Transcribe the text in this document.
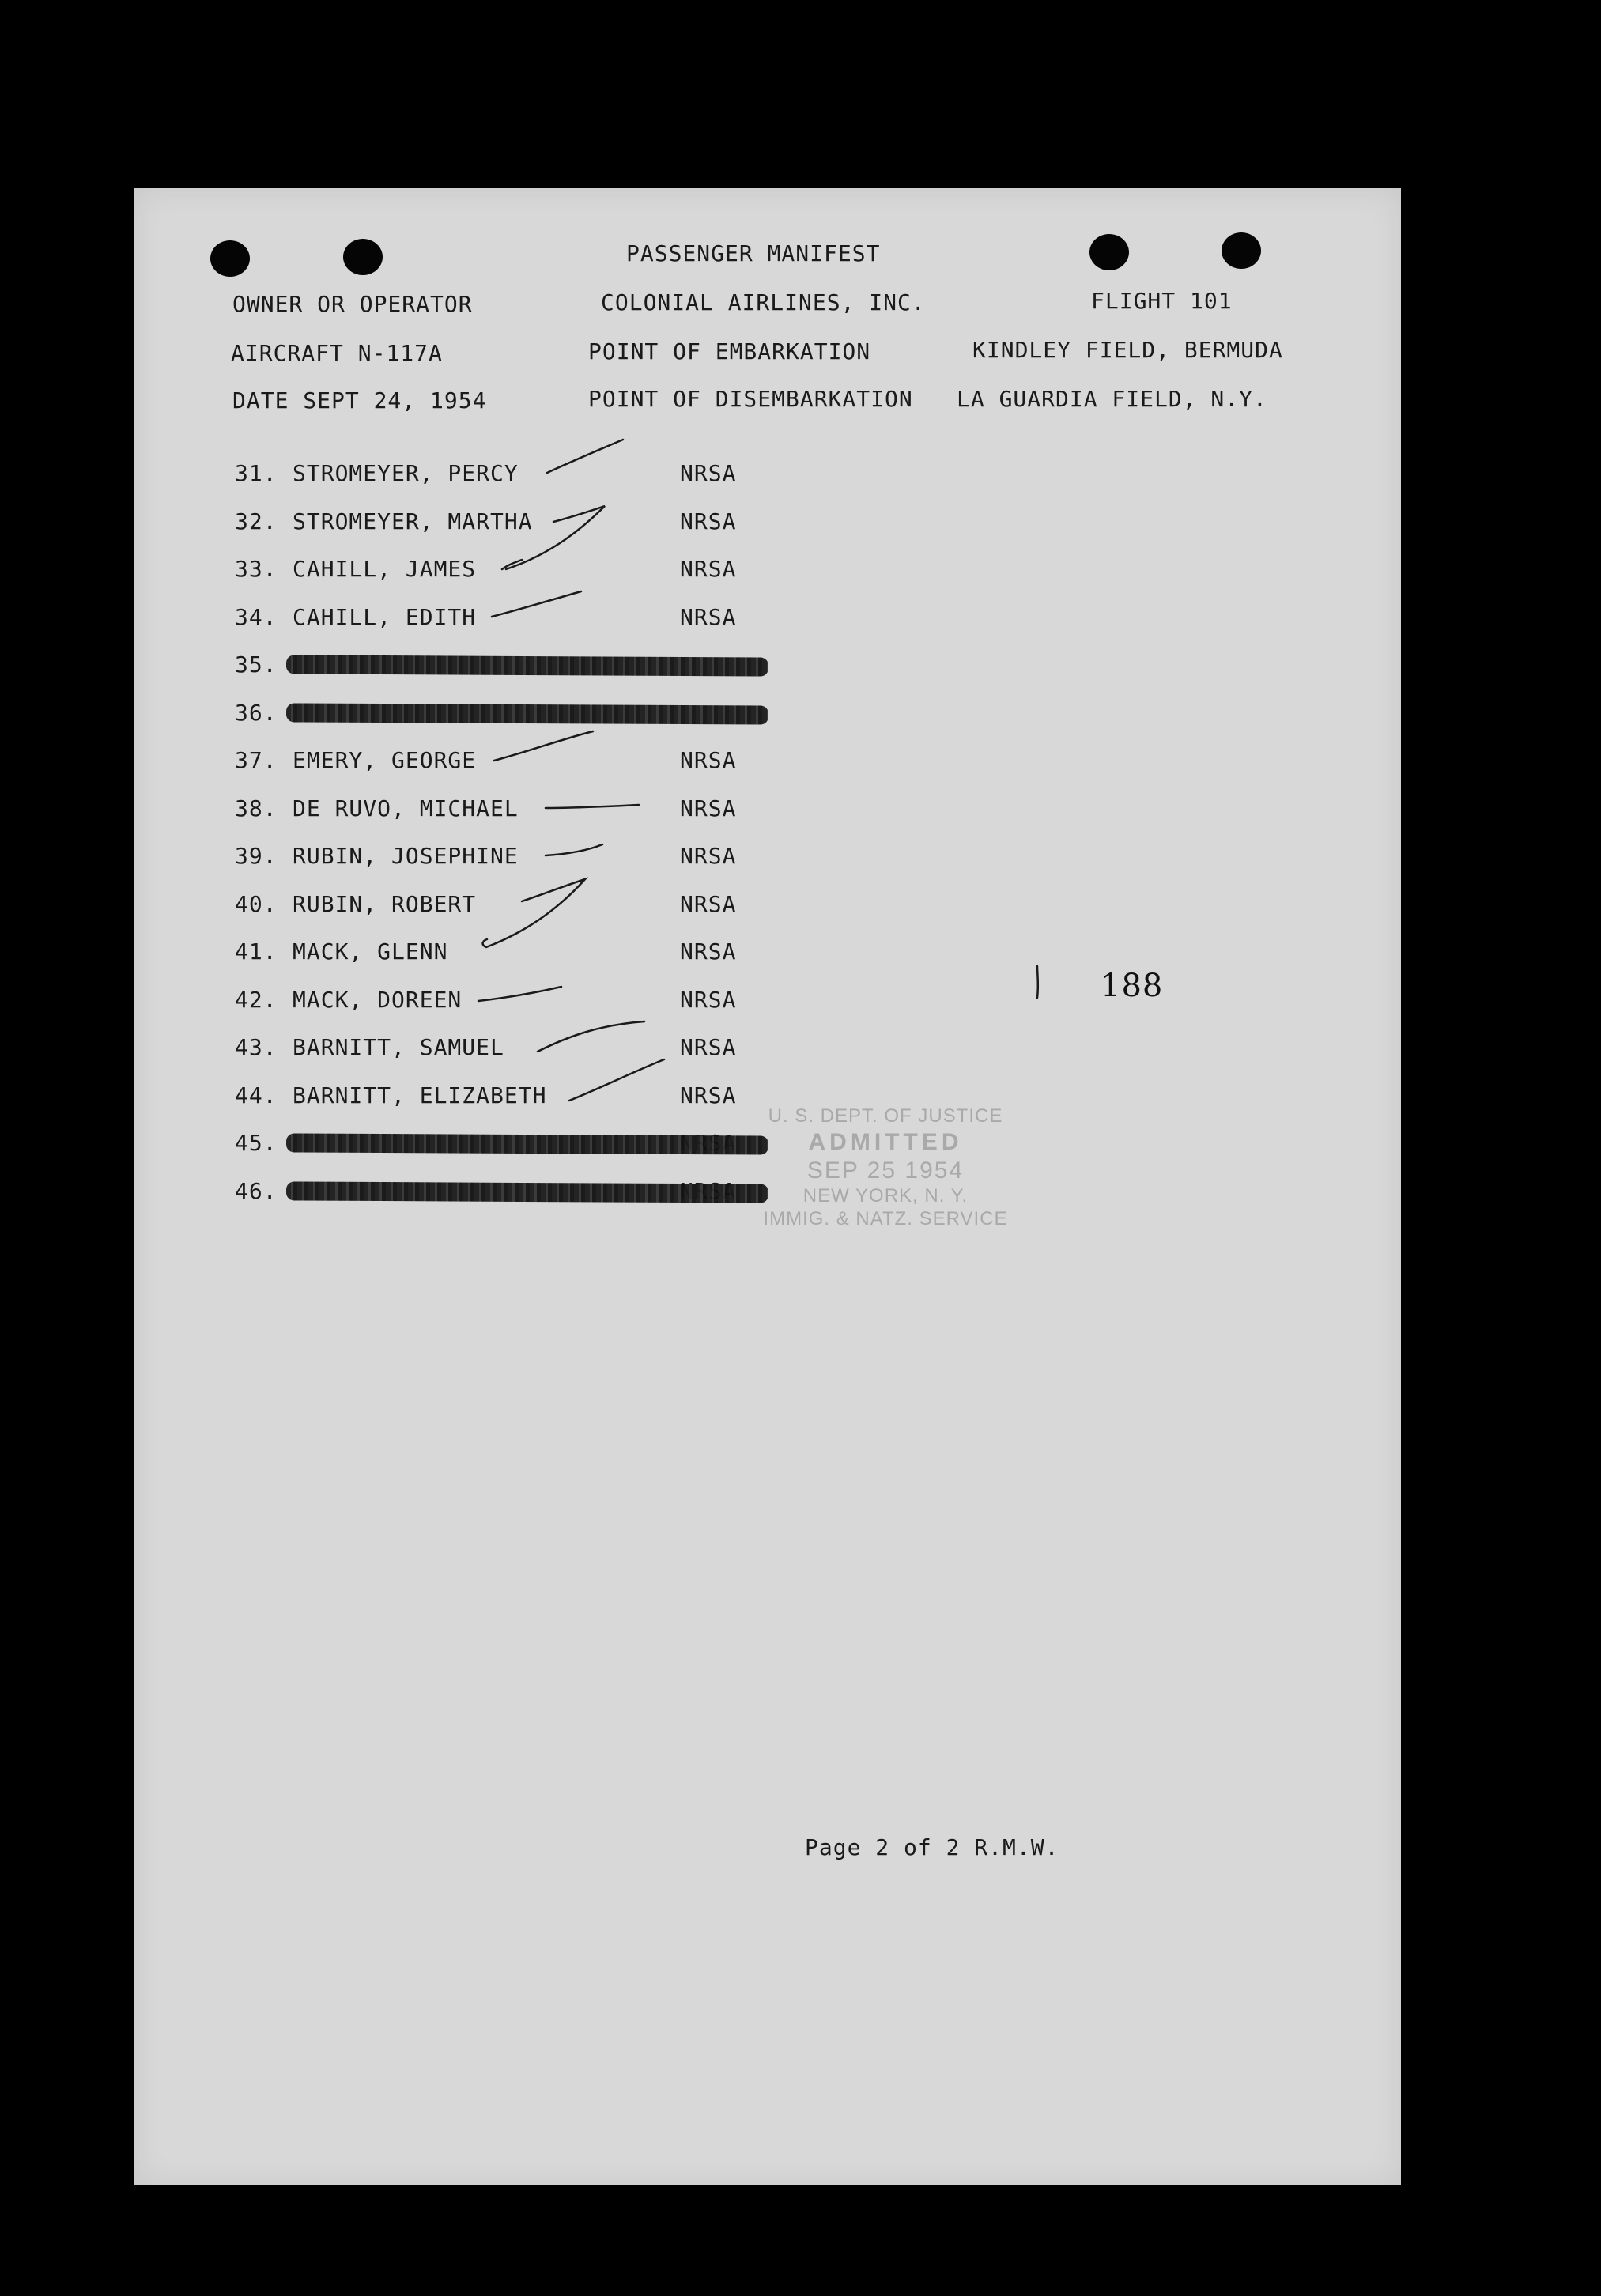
PASSENGER MANIFEST
OWNER OR OPERATOR	COLONIAL AIRLINES, INC.	FLIGHT 101
AIRCRAFT N-117A	POINT OF EMBARKATION	KINDLEY FIELD, BERMUDA
DATE SEPT 24, 1954	POINT OF DISEMBARKATION LA GUARDIA FIELD, N.Y.
188
U. S. DEPT. OF JUSTICE
ADMITTED
SEP 25 1954
NEW YORK, N. Y.
IMMIG. & NATZ. SERVICE
Page 2 of 2 R.M.W.
31. STROMEYER, PERCY	NRSA
32. STROMEYER, MARTHA	NRSA
33. CAHILL, JAMES	NRSA
34. CAHILL, EDITH	NRSA
35.
36.
37. EMERY, GEORGE	NRSA
38. DE RUVO, MICHAEL	NRSA
39. RUBIN, JOSEPHINE	NRSA
40. RUBIN, ROBERT	NRSA
41. MACK, GLENN	NRSA
42. MACK, DOREEN	NRSA
43. BARNITT, SAMUEL	NRSA
44. BARNITT, ELIZABETH	NRSA
45.
46.
